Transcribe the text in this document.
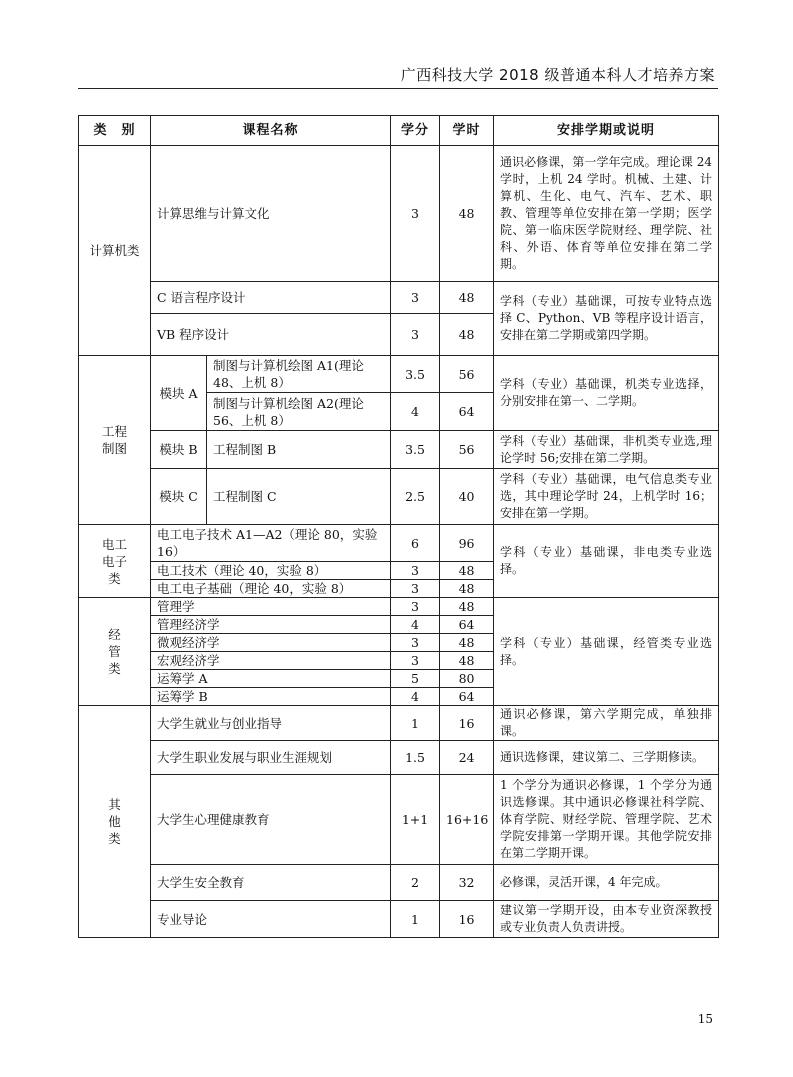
广西科技大学 2018 级普通本科人才培养方案
类　别	课程名称		学分	学时	安排学期或说明
计算机类	计算思维与计算文化		3	48	通识必修课，第一学年完成。理论课 24 学时，上机 24 学时。机械、土建、计算机、生化、电气、汽车、艺术、职教、管理等单位安排在第一学期；医学院、第一临床医学院财经、理学院、社科、外语、体育等单位安排在第二学期。
	C 语言程序设计		3	48	学科（专业）基础课，可按专业特点选择 C、Python、VB 等程序设计语言，安排在第二学期或第四学期。
	VB 程序设计		3	48	
工程制图	模块 A	制图与计算机绘图 A1(理论48、上机 8）	3.5	56	学科（专业）基础课，机类专业选择，分别安排在第一、二学期。
		制图与计算机绘图 A2(理论56、上机 8）	4	64	
	模块 B	工程制图 B	3.5	56	学科（专业）基础课，非机类专业选,理论学时 56;安排在第二学期。
	模块 C	工程制图 C	2.5	40	学科（专业）基础课，电气信息类专业选，其中理论学时 24，上机学时 16；安排在第一学期。
电工电子类	电工电子技术 A1—A2（理论 80，实验 16）		6	96	学科（专业）基础课，非电类专业选择。
	电工技术（理论 40，实验 8）		3	48	
	电工电子基础（理论 40，实验 8）		3	48	
经管类	管理学		3	48	学科（专业）基础课，经管类专业选择。
	管理经济学		4	64	
	微观经济学		3	48	
	宏观经济学		3	48	
	运筹学 A		5	80	
	运筹学 B		4	64	
其他类	大学生就业与创业指导		1	16	通识必修课，第六学期完成，单独排课。
	大学生职业发展与职业生涯规划		1.5	24	通识选修课，建议第二、三学期修读。
	大学生心理健康教育		1+1	16+16	1 个学分为通识必修课，1 个学分为通识选修课。其中通识必修课社科学院、体育学院、财经学院、管理学院、艺术学院安排第一学期开课。其他学院安排在第二学期开课。
	大学生安全教育		2	32	必修课，灵活开课，4 年完成。
	专业导论		1	16	建议第一学期开设，由本专业资深教授或专业负责人负责讲授。
15
